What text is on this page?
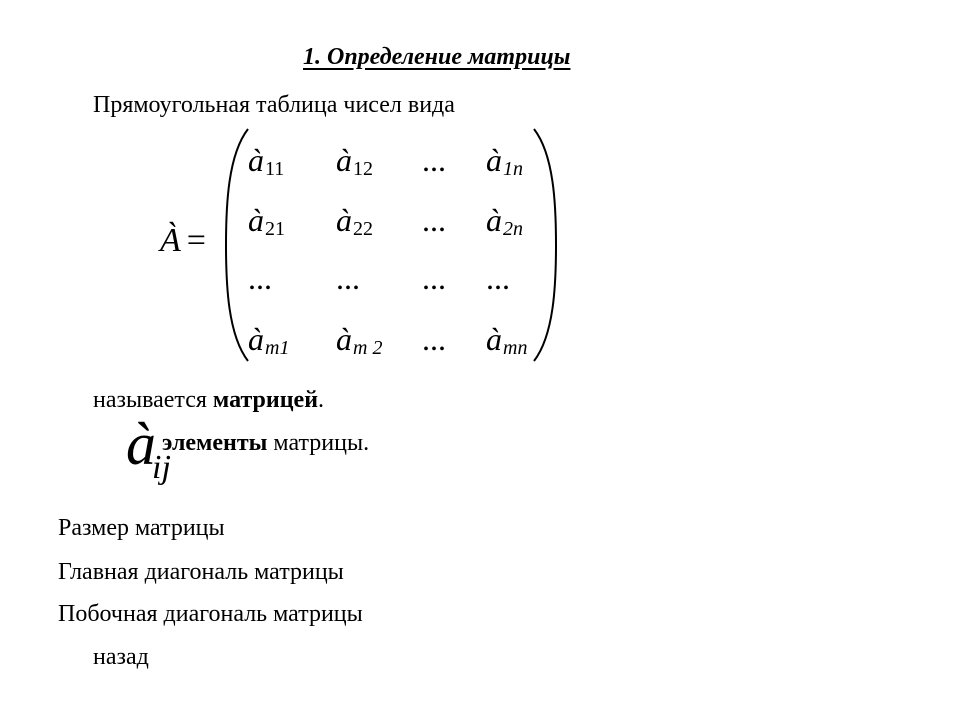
1. Определение матрицы
Прямоугольная таблица чисел вида
À =
$à_{11}$	$à_{12}$	...	$à_{1n}$
$à_{21}$	$à_{22}$	...	$à_{2n}$
...	...	...	...
$à_{m1}$	$à_{m 2}$	...	$à_{mn}$
называется матрицей.
$à_{ij}$
элементы матрицы.
Размер матрицы
Главная диагональ матрицы
Побочная диагональ матрицы
назад
